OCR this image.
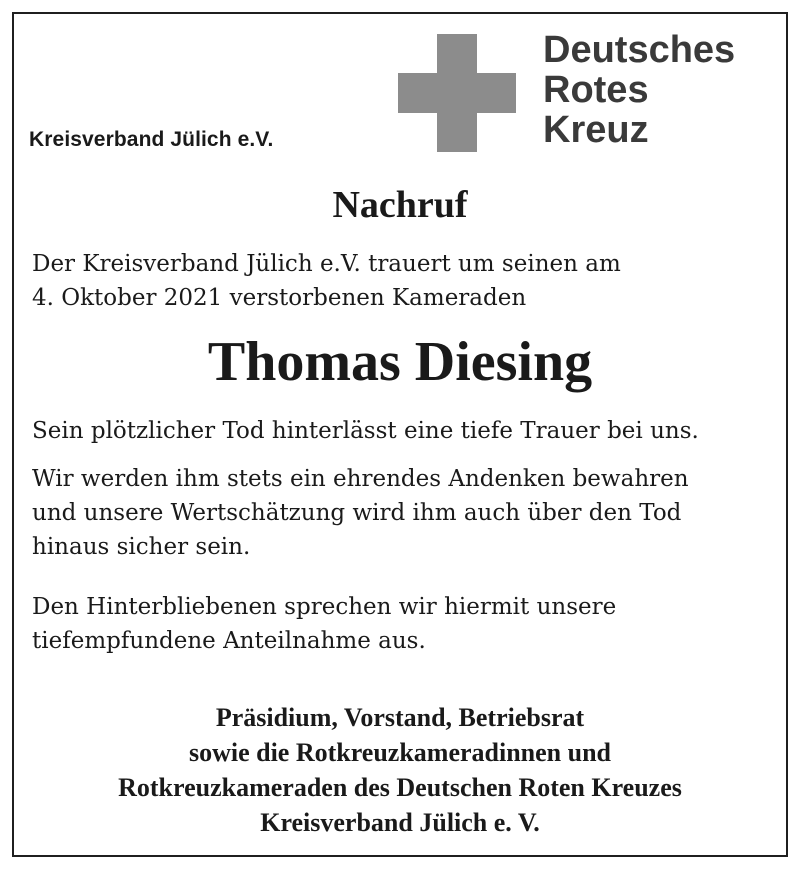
Kreisverband Jülich e.V.
Deutsches
Rotes
Kreuz
Nachruf
Der Kreisverband Jülich e.V. trauert um seinen am
4. Oktober 2021 verstorbenen Kameraden
Thomas Diesing
Sein plötzlicher Tod hinterlässt eine tiefe Trauer bei uns.
Wir werden ihm stets ein ehrendes Andenken bewahren
und unsere Wertschätzung wird ihm auch über den Tod
hinaus sicher sein.
Den Hinterbliebenen sprechen wir hiermit unsere
tiefempfundene Anteilnahme aus.
Präsidium, Vorstand, Betriebsrat
sowie die Rotkreuzkameradinnen und
Rotkreuzkameraden des Deutschen Roten Kreuzes
Kreisverband Jülich e. V.
